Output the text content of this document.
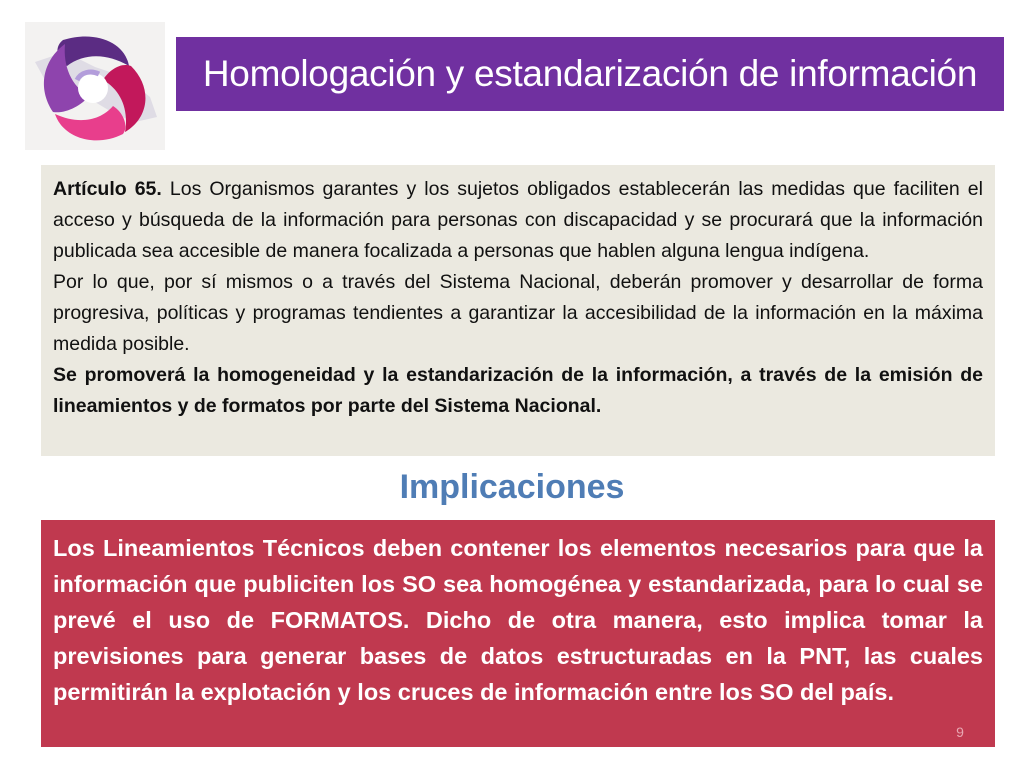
Homologación y estandarización de información

Artículo 65. Los Organismos garantes y los sujetos obligados establecerán las medidas que faciliten el acceso y búsqueda de la información para personas con discapacidad y se procurará que la información publicada sea accesible de manera focalizada a personas que hablen alguna lengua indígena.

Por lo que, por sí mismos o a través del Sistema Nacional, deberán promover y desarrollar de forma progresiva, políticas y programas tendientes a garantizar la accesibilidad de la información en la máxima medida posible.

Se promoverá la homogeneidad y la estandarización de la información, a través de la emisión de lineamientos y de formatos por parte del Sistema Nacional.

Implicaciones
Los Lineamientos Técnicos deben contener los elementos necesarios para que la información que publiciten los SO sea homogénea y estandarizada, para lo cual se prevé el uso de FORMATOS. Dicho de otra manera, esto implica tomar la previsiones para generar bases de datos estructuradas en la PNT, las cuales permitirán la explotación y los cruces de información entre los SO del país.
9
